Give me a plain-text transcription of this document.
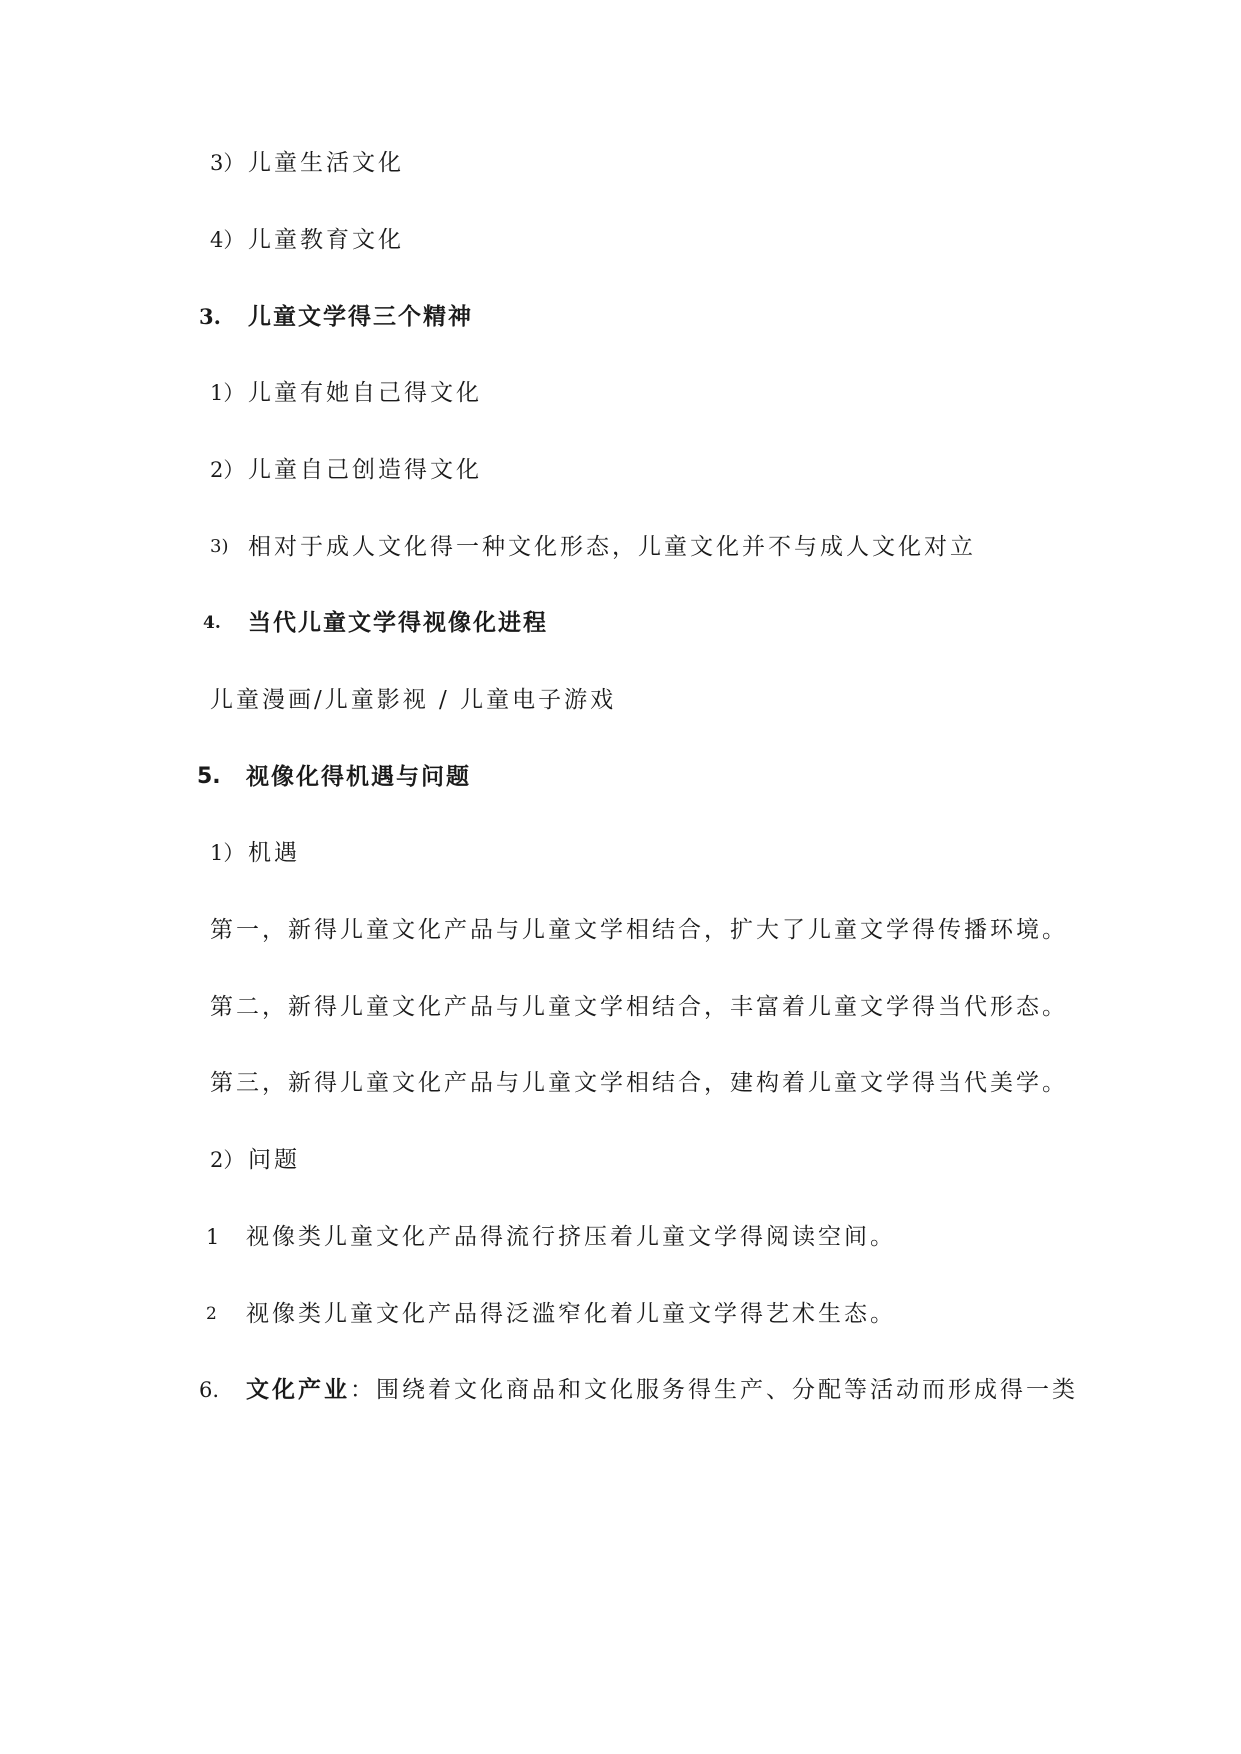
3） 儿童生活文化
4） 儿童教育文化
3. 儿童文学得三个精神
1） 儿童有她自己得文化
2） 儿童自己创造得文化
3) 相对于成人文化得一种文化形态，儿童文化并不与成人文化对立
4. 当代儿童文学得视像化进程
儿童漫画/儿童影视 / 儿童电子游戏
5. 视像化得机遇与问题
1） 机遇
第一，新得儿童文化产品与儿童文学相结合，扩大了儿童文学得传播环境。
第二，新得儿童文化产品与儿童文学相结合，丰富着儿童文学得当代形态。
第三，新得儿童文化产品与儿童文学相结合，建构着儿童文学得当代美学。
2） 问题
1 视像类儿童文化产品得流行挤压着儿童文学得阅读空间。
2 视像类儿童文化产品得泛滥窄化着儿童文学得艺术生态。
6. 文化产业：围绕着文化商品和文化服务得生产、分配等活动而形成得一类
